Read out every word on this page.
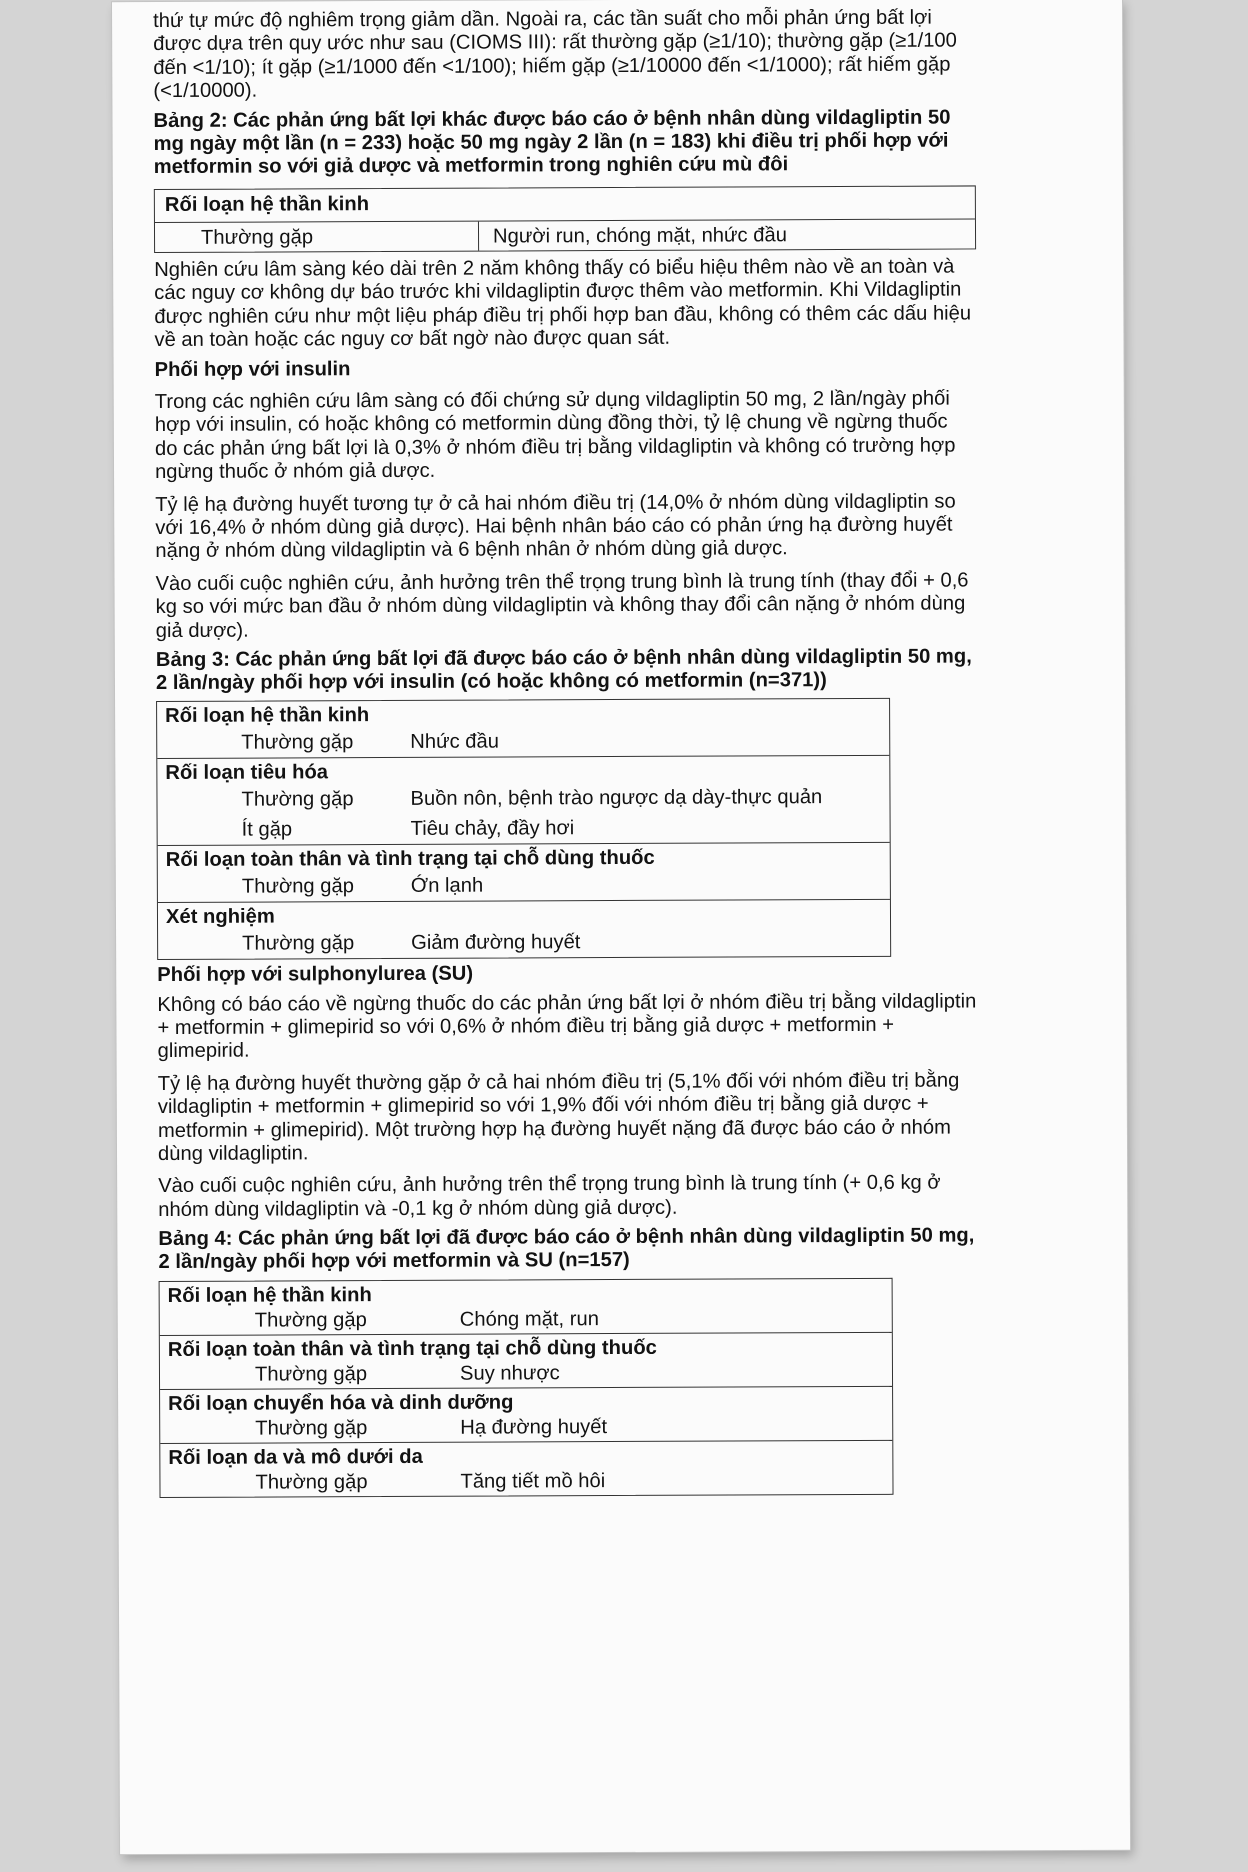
thứ tự mức độ nghiêm trọng giảm dần. Ngoài ra, các tần suất cho mỗi phản ứng bất lợi được dựa trên quy ước như sau (CIOMS III): rất thường gặp (≥1/10); thường gặp (≥1/100 đến <1/10); ít gặp (≥1/1000 đến <1/100); hiếm gặp (≥1/10000 đến <1/1000); rất hiếm gặp (<1/10000).

Bảng 2: Các phản ứng bất lợi khác được báo cáo ở bệnh nhân dùng vildagliptin 50 mg ngày một lần (n = 233) hoặc 50 mg ngày 2 lần (n = 183) khi điều trị phối hợp với metformin so với giả dược và metformin trong nghiên cứu mù đôi

Rối loạn hệ thần kinh
Thường gặp	Người run, chóng mặt, nhức đầu

Nghiên cứu lâm sàng kéo dài trên 2 năm không thấy có biểu hiệu thêm nào về an toàn và các nguy cơ không dự báo trước khi vildagliptin được thêm vào metformin. Khi Vildagliptin được nghiên cứu như một liệu pháp điều trị phối hợp ban đầu, không có thêm các dấu hiệu về an toàn hoặc các nguy cơ bất ngờ nào được quan sát.

Phối hợp với insulin

Trong các nghiên cứu lâm sàng có đối chứng sử dụng vildagliptin 50 mg, 2 lần/ngày phối hợp với insulin, có hoặc không có metformin dùng đồng thời, tỷ lệ chung về ngừng thuốc do các phản ứng bất lợi là 0,3% ở nhóm điều trị bằng vildagliptin và không có trường hợp ngừng thuốc ở nhóm giả dược.

Tỷ lệ hạ đường huyết tương tự ở cả hai nhóm điều trị (14,0% ở nhóm dùng vildagliptin so với 16,4% ở nhóm dùng giả dược). Hai bệnh nhân báo cáo có phản ứng hạ đường huyết nặng ở nhóm dùng vildagliptin và 6 bệnh nhân ở nhóm dùng giả dược.

Vào cuối cuộc nghiên cứu, ảnh hưởng trên thể trọng trung bình là trung tính (thay đổi + 0,6 kg so với mức ban đầu ở nhóm dùng vildagliptin và không thay đổi cân nặng ở nhóm dùng giả dược).

Bảng 3: Các phản ứng bất lợi đã được báo cáo ở bệnh nhân dùng vildagliptin 50 mg, 2 lần/ngày phối hợp với insulin (có hoặc không có metformin (n=371))

Rối loạn hệ thần kinh
Thường gặp	Nhức đầu
Rối loạn tiêu hóa
Thường gặp	Buồn nôn, bệnh trào ngược dạ dày-thực quản
Ít gặp	Tiêu chảy, đầy hơi
Rối loạn toàn thân và tình trạng tại chỗ dùng thuốc
Thường gặp	Ớn lạnh
Xét nghiệm
Thường gặp	Giảm đường huyết

Phối hợp với sulphonylurea (SU)

Không có báo cáo về ngừng thuốc do các phản ứng bất lợi ở nhóm điều trị bằng vildagliptin + metformin + glimepirid so với 0,6% ở nhóm điều trị bằng giả dược + metformin + glimepirid.

Tỷ lệ hạ đường huyết thường gặp ở cả hai nhóm điều trị (5,1% đối với nhóm điều trị bằng vildagliptin + metformin + glimepirid so với 1,9% đối với nhóm điều trị bằng giả dược + metformin + glimepirid). Một trường hợp hạ đường huyết nặng đã được báo cáo ở nhóm dùng vildagliptin.

Vào cuối cuộc nghiên cứu, ảnh hưởng trên thể trọng trung bình là trung tính (+ 0,6 kg ở nhóm dùng vildagliptin và -0,1 kg ở nhóm dùng giả dược).

Bảng 4: Các phản ứng bất lợi đã được báo cáo ở bệnh nhân dùng vildagliptin 50 mg, 2 lần/ngày phối hợp với metformin và SU (n=157)

Rối loạn hệ thần kinh
Thường gặp	Chóng mặt, run
Rối loạn toàn thân và tình trạng tại chỗ dùng thuốc
Thường gặp	Suy nhược
Rối loạn chuyển hóa và dinh dưỡng
Thường gặp	Hạ đường huyết
Rối loạn da và mô dưới da
Thường gặp	Tăng tiết mồ hôi
